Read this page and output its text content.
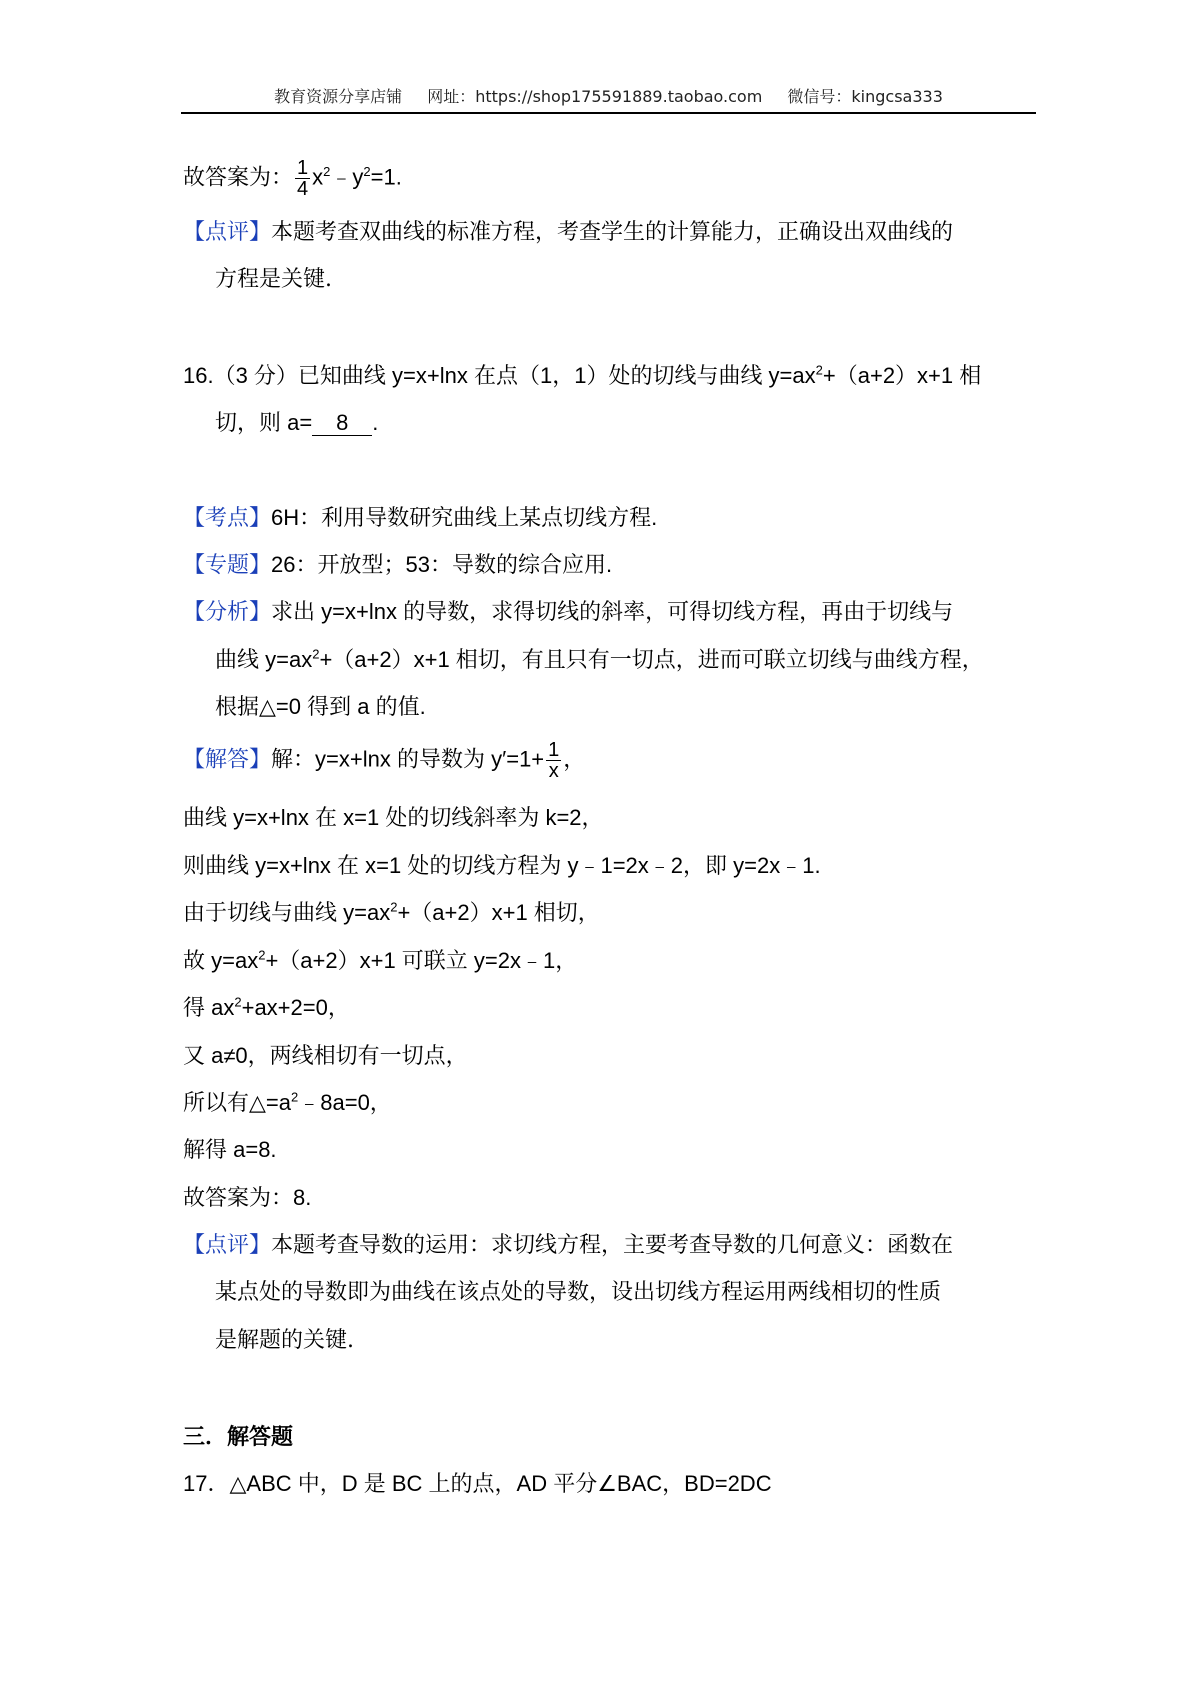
教育资源分享店铺 网址：https://shop175591889.taobao.com 微信号：kingcsa333
故答案为： $\frac{1}{4}$ $x^2﹣y^2=1$.
【点评】本题考查双曲线的标准方程，考查学生的计算能力，正确设出双曲线的
方程是关键.
16.（3 分）已知曲线 y=x+lnx 在点（1，1）处的切线与曲线 $y=ax^2+(a+2)x+1$ 相
切，则 a= 8 .
【考点】6H：利用导数研究曲线上某点切线方程.
【专题】26：开放型；53：导数的综合应用.
【分析】求出 y=x+lnx 的导数，求得切线的斜率，可得切线方程，再由于切线与
曲线 $y=ax^2+(a+2)x+1$ 相切，有且只有一切点，进而可联立切线与曲线方程，
根据△=0 得到 a 的值.
【解答】解：y=x+lnx 的导数为 $y'=1+ \frac{1}{x}$ ，
曲线 y=x+lnx 在 x=1 处的切线斜率为 k=2，
则曲线 y=x+lnx 在 x=1 处的切线方程为 y﹣1=2x﹣2，即 y=2x﹣1.
由于切线与曲线 $y=ax^2+(a+2)x+1$ 相切，
故 $y=ax^2+(a+2)x+1$ 可联立 y=2x﹣1，
得 $ax^2+ax+2=0$，
又 a≠0，两线相切有一切点，
所以有$\triangle=a^2﹣8a=0$，
解得 a=8.
故答案为：8.
【点评】本题考查导数的运用：求切线方程，主要考查导数的几何意义：函数在
某点处的导数即为曲线在该点处的导数，设出切线方程运用两线相切的性质
是解题的关键.
三．解答题
17．△ABC 中，D 是 BC 上的点，AD 平分∠BAC，BD=2DC
